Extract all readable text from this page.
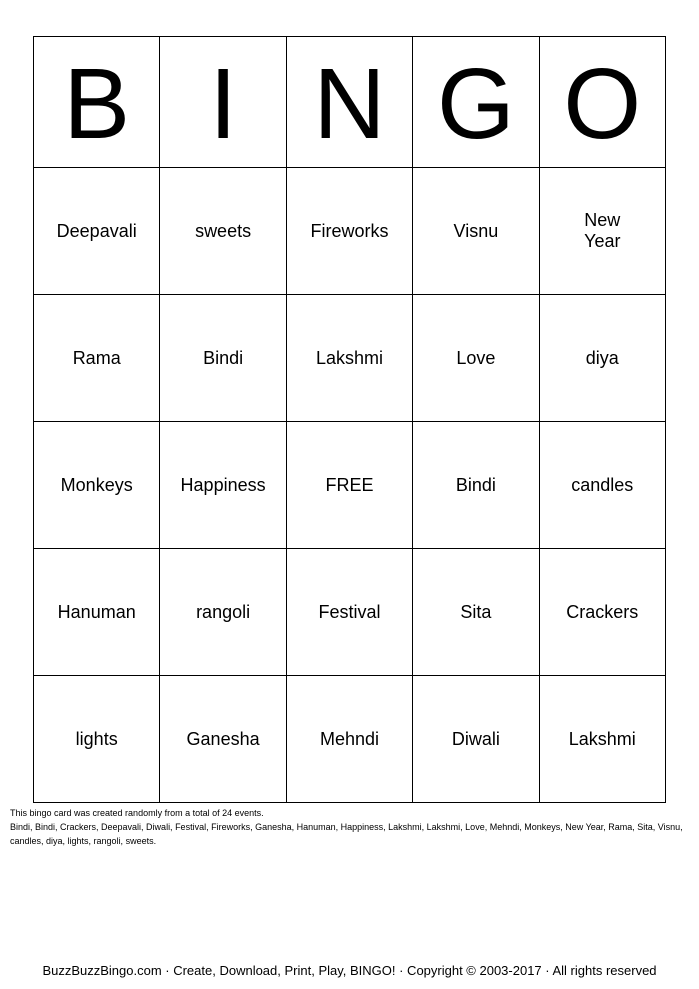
B	I	N	G	O
Deepavali	sweets	Fireworks	Visnu	New Year
Rama	Bindi	Lakshmi	Love	diya
Monkeys	Happiness	FREE	Bindi	candles
Hanuman	rangoli	Festival	Sita	Crackers
lights	Ganesha	Mehndi	Diwali	Lakshmi

This bingo card was created randomly from a total of 24 events.

Bindi, Bindi, Crackers, Deepavali, Diwali, Festival, Fireworks, Ganesha, Hanuman, Happiness, Lakshmi, Lakshmi, Love, Mehndi, Monkeys, New Year, Rama, Sita, Visnu, candles, diya, lights, rangoli, sweets.

BuzzBuzzBingo.com · Create, Download, Print, Play, BINGO! · Copyright © 2003-2017 · All rights reserved
